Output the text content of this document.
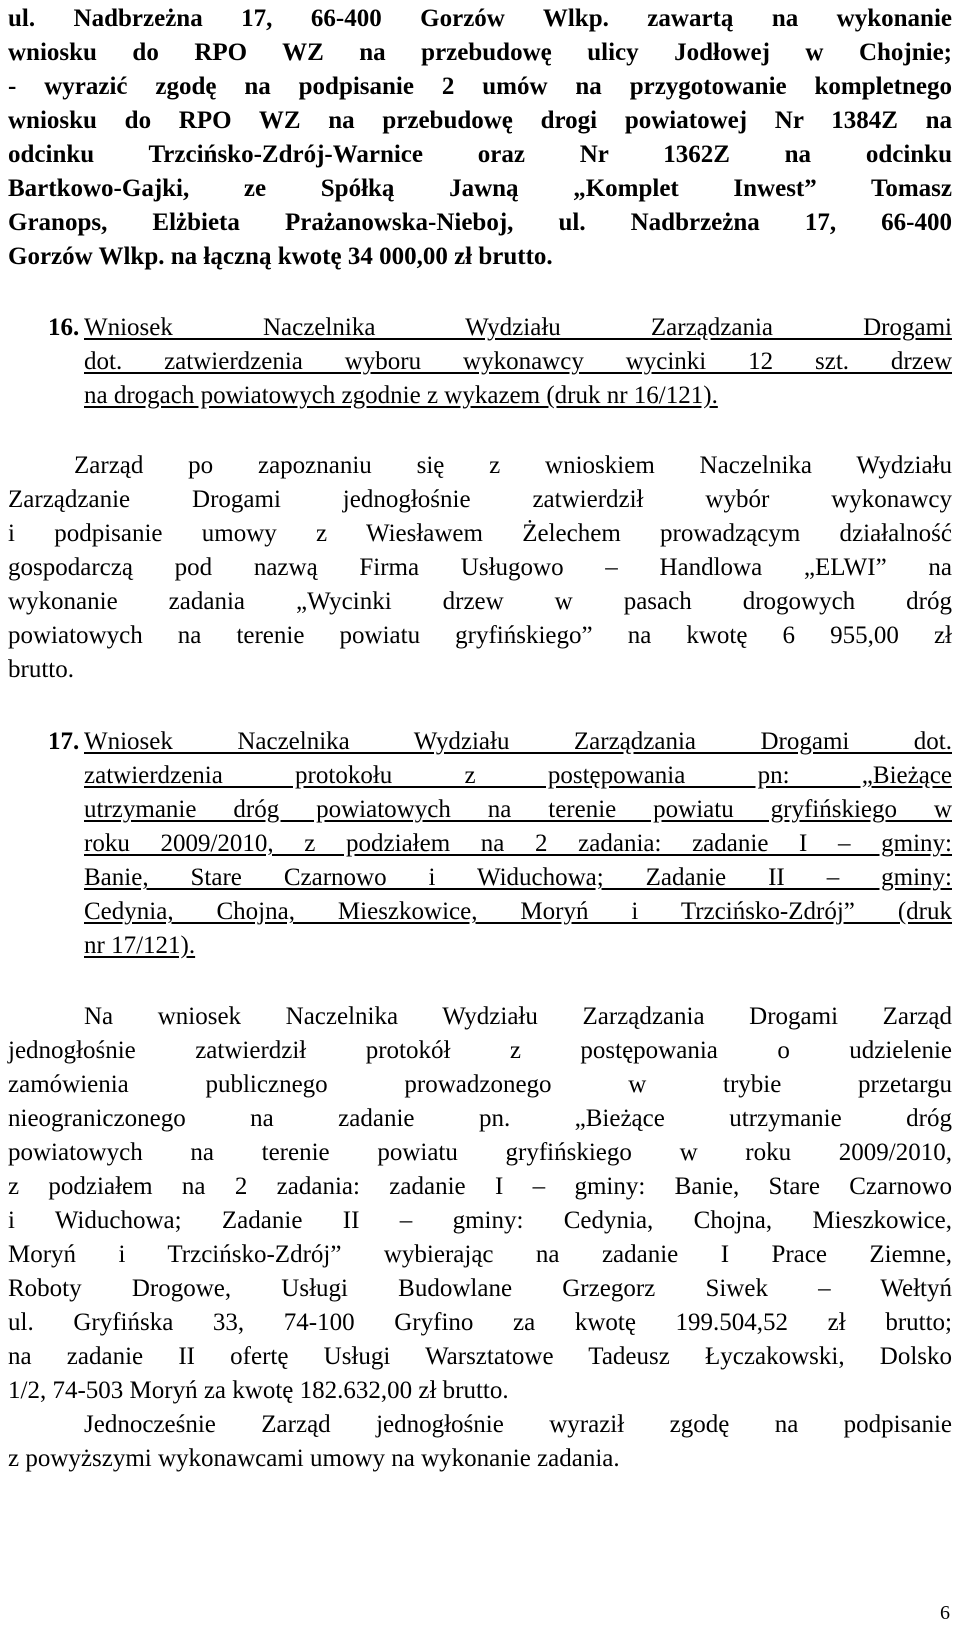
ul. Nadbrzeżna 17, 66-400 Gorzów Wlkp. zawartą na wykonanie
wniosku do RPO WZ na przebudowę ulicy Jodłowej w Chojnie;
- wyrazić zgodę na podpisanie 2 umów na przygotowanie kompletnego
wniosku do RPO WZ na przebudowę drogi powiatowej Nr 1384Z na
odcinku Trzcińsko-Zdrój-Warnice oraz Nr 1362Z na odcinku
Bartkowo-Gajki, ze Spółką Jawną „Komplet Inwest” Tomasz
Granops, Elżbieta Prażanowska-Nieboj, ul. Nadbrzeżna 17, 66-400
Gorzów Wlkp. na łączną kwotę 34 000,00 zł brutto.
16. Wniosek Naczelnika Wydziału Zarządzania Drogami
dot. zatwierdzenia wyboru wykonawcy wycinki 12 szt. drzew
na drogach powiatowych zgodnie z wykazem (druk nr 16/121).
Zarząd po zapoznaniu się z wnioskiem Naczelnika Wydziału
Zarządzanie Drogami jednogłośnie zatwierdził wybór wykonawcy
i podpisanie umowy z Wiesławem Żelechem prowadzącym działalność
gospodarczą pod nazwą Firma Usługowo – Handlowa „ELWI” na
wykonanie zadania „Wycinki drzew w pasach drogowych dróg
powiatowych na terenie powiatu gryfińskiego” na kwotę 6 955,00 zł
brutto.
17. Wniosek Naczelnika Wydziału Zarządzania Drogami dot.
zatwierdzenia protokołu z postępowania pn: „Bieżące
utrzymanie dróg powiatowych na terenie powiatu gryfińskiego w
roku 2009/2010, z podziałem na 2 zadania: zadanie I – gminy:
Banie, Stare Czarnowo i Widuchowa; Zadanie II – gminy:
Cedynia, Chojna, Mieszkowice, Moryń i Trzcińsko-Zdrój” (druk
nr 17/121).
Na wniosek Naczelnika Wydziału Zarządzania Drogami Zarząd
jednogłośnie zatwierdził protokół z postępowania o udzielenie
zamówienia publicznego prowadzonego w trybie przetargu
nieograniczonego na zadanie pn. „Bieżące utrzymanie dróg
powiatowych na terenie powiatu gryfińskiego w roku 2009/2010,
z podziałem na 2 zadania: zadanie I – gminy: Banie, Stare Czarnowo
i Widuchowa; Zadanie II – gminy: Cedynia, Chojna, Mieszkowice,
Moryń i Trzcińsko-Zdrój” wybierając na zadanie I Prace Ziemne,
Roboty Drogowe, Usługi Budowlane Grzegorz Siwek – Wełtyń
ul. Gryfińska 33, 74-100 Gryfino za kwotę 199.504,52 zł brutto;
na zadanie II ofertę Usługi Warsztatowe Tadeusz Łyczakowski, Dolsko
1/2, 74-503 Moryń za kwotę 182.632,00 zł brutto.
Jednocześnie Zarząd jednogłośnie wyraził zgodę na podpisanie
z powyższymi wykonawcami umowy na wykonanie zadania.
6
